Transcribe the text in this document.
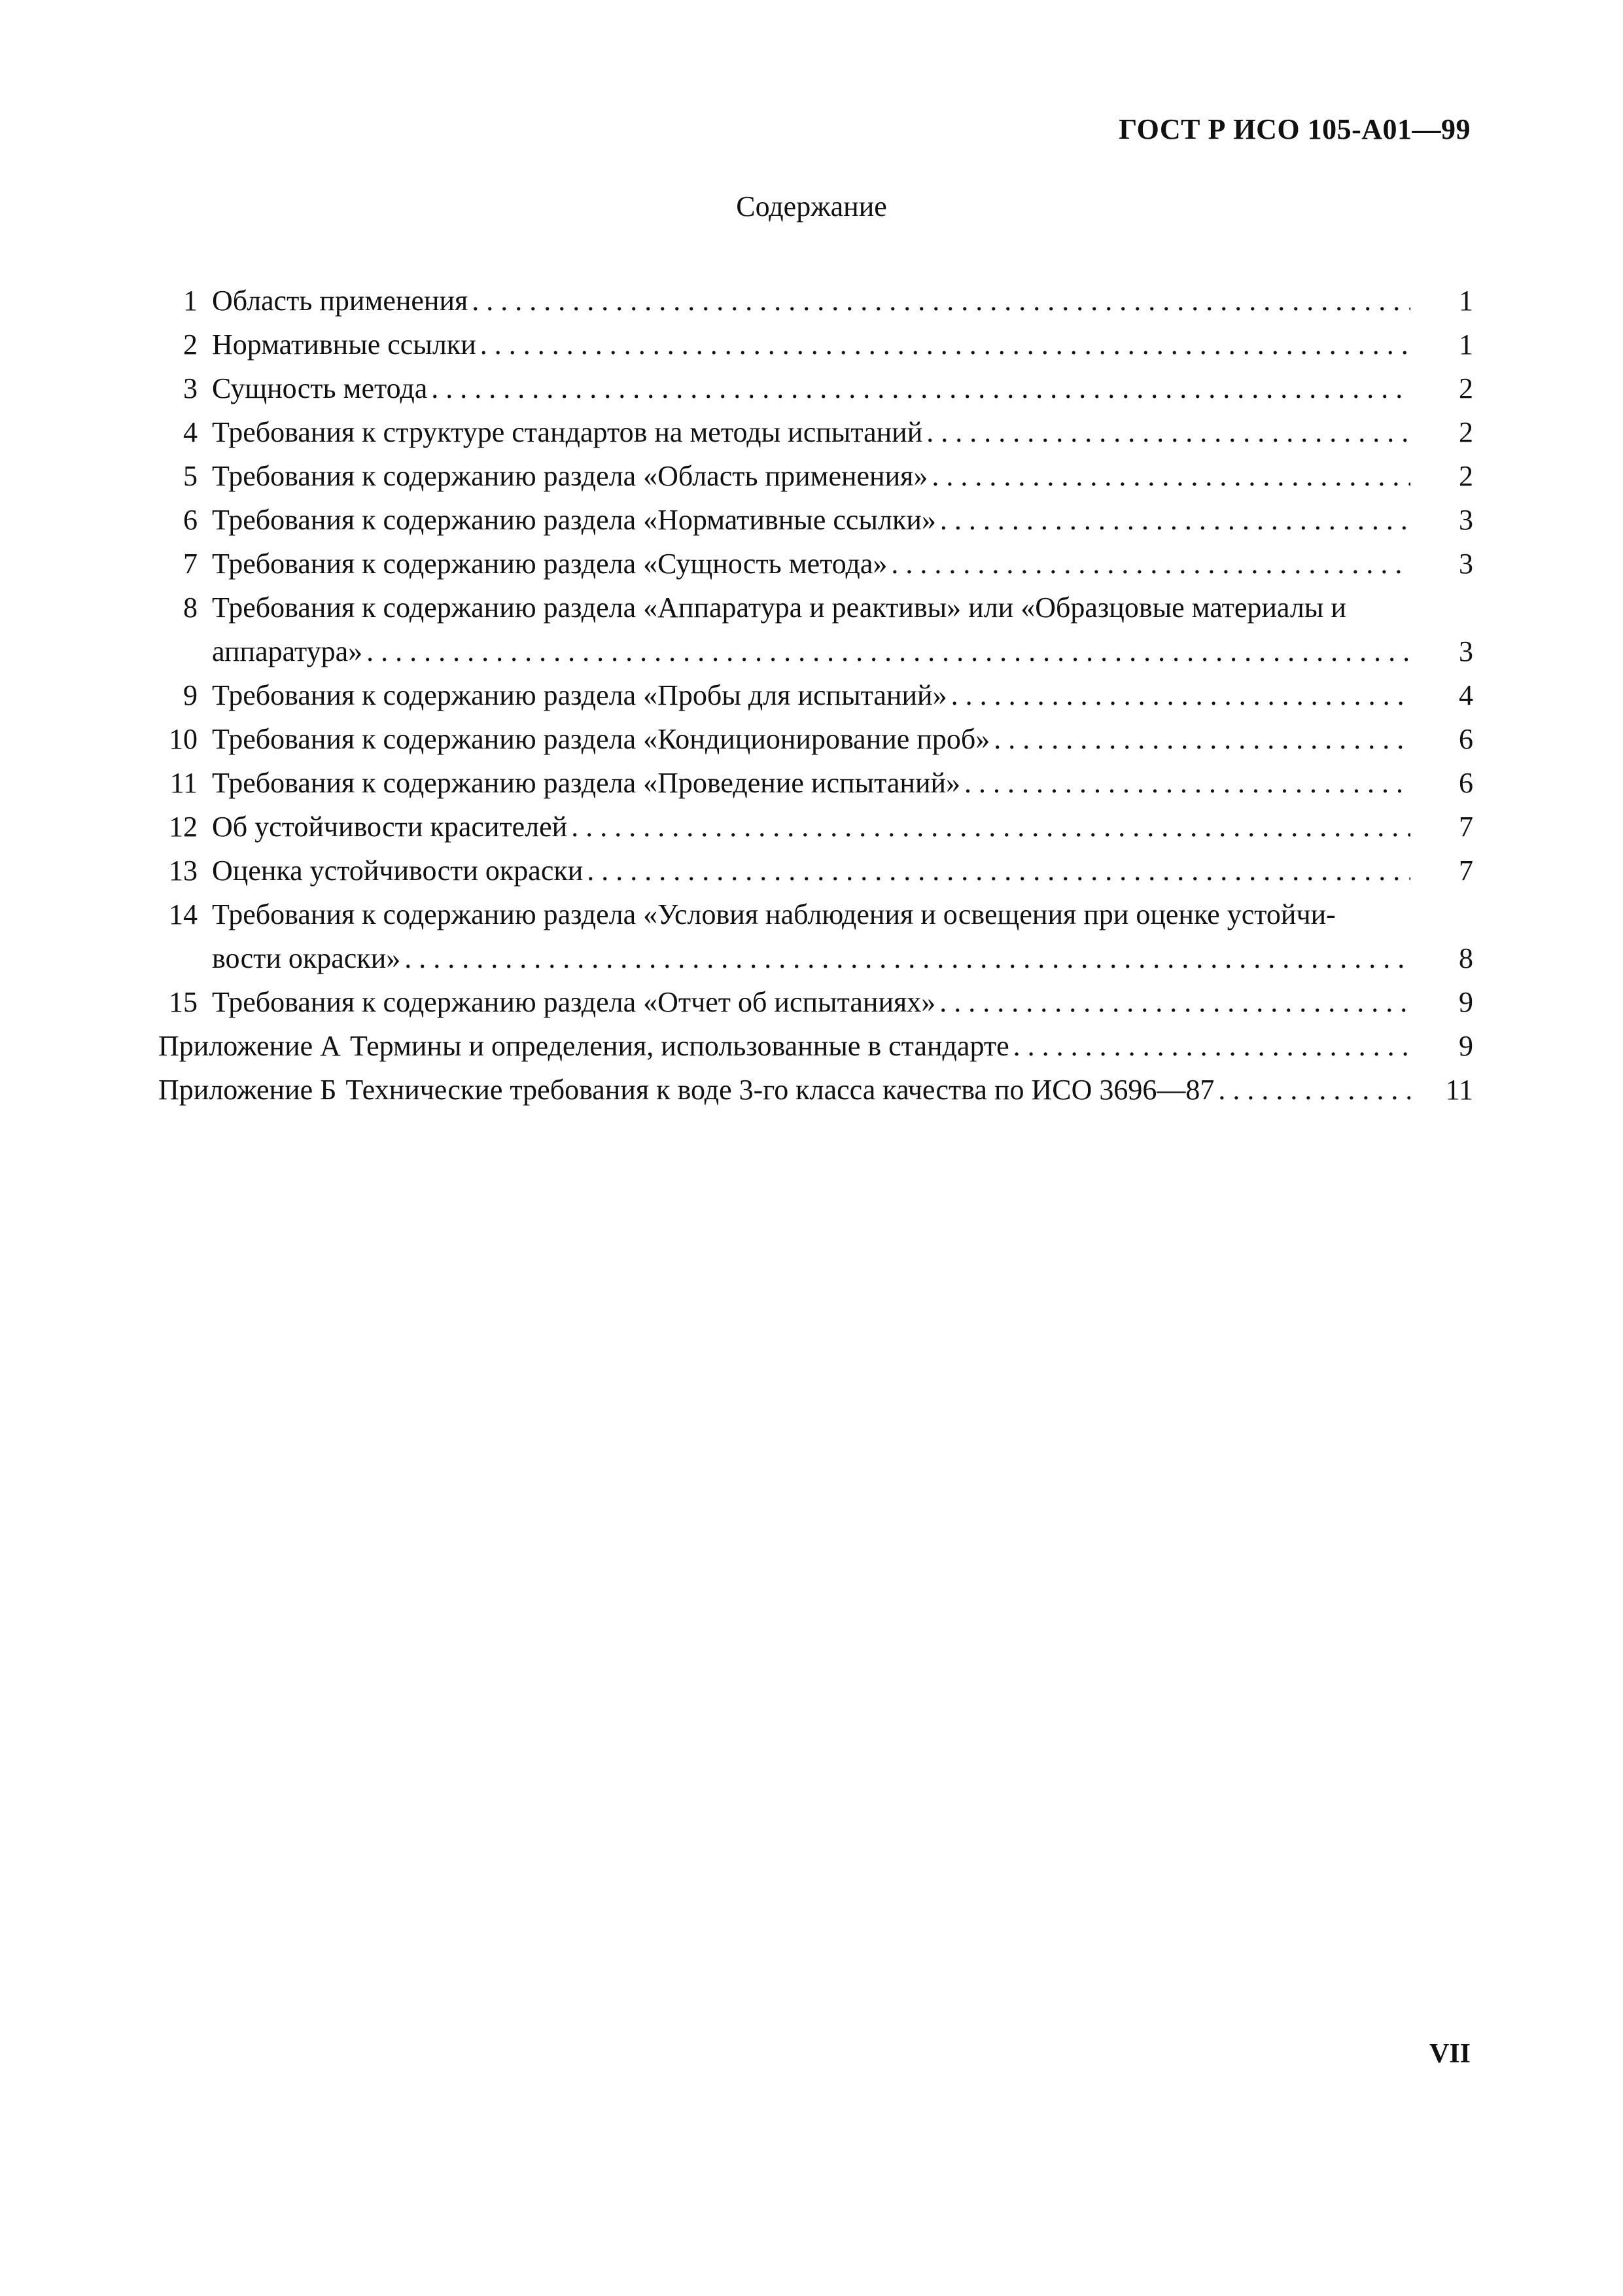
ГОСТ Р ИСО 105-А01—99
Содержание
1 Область применения . . .	1
2 Нормативные ссылки . . .	1
3 Сущность метода . . .	2
4 Требования к структуре стандартов на методы испытаний . . .	2
5 Требования к содержанию раздела «Область применения» . . .	2
6 Требования к содержанию раздела «Нормативные ссылки» . . .	3
7 Требования к содержанию раздела «Сущность метода» . . .	3
8 Требования к содержанию раздела «Аппаратура и реактивы» или «Образцовые материалы и
аппаратура» . . .	3
9 Требования к содержанию раздела «Пробы для испытаний» . . .	4
10 Требования к содержанию раздела «Кондиционирование проб» . . .	6
11 Требования к содержанию раздела «Проведение испытаний» . . .	6
12 Об устойчивости красителей . . .	7
13 Оценка устойчивости окраски . . .	7
14 Требования к содержанию раздела «Условия наблюдения и освещения при оценке устойчи-
вости окраски» . . .	8
15 Требования к содержанию раздела «Отчет об испытаниях» . . .	9
Приложение А Термины и определения, использованные в стандарте . . .	9
Приложение Б Технические требования к воде 3-го класса качества по ИСО 3696—87 . . .	11
VII
